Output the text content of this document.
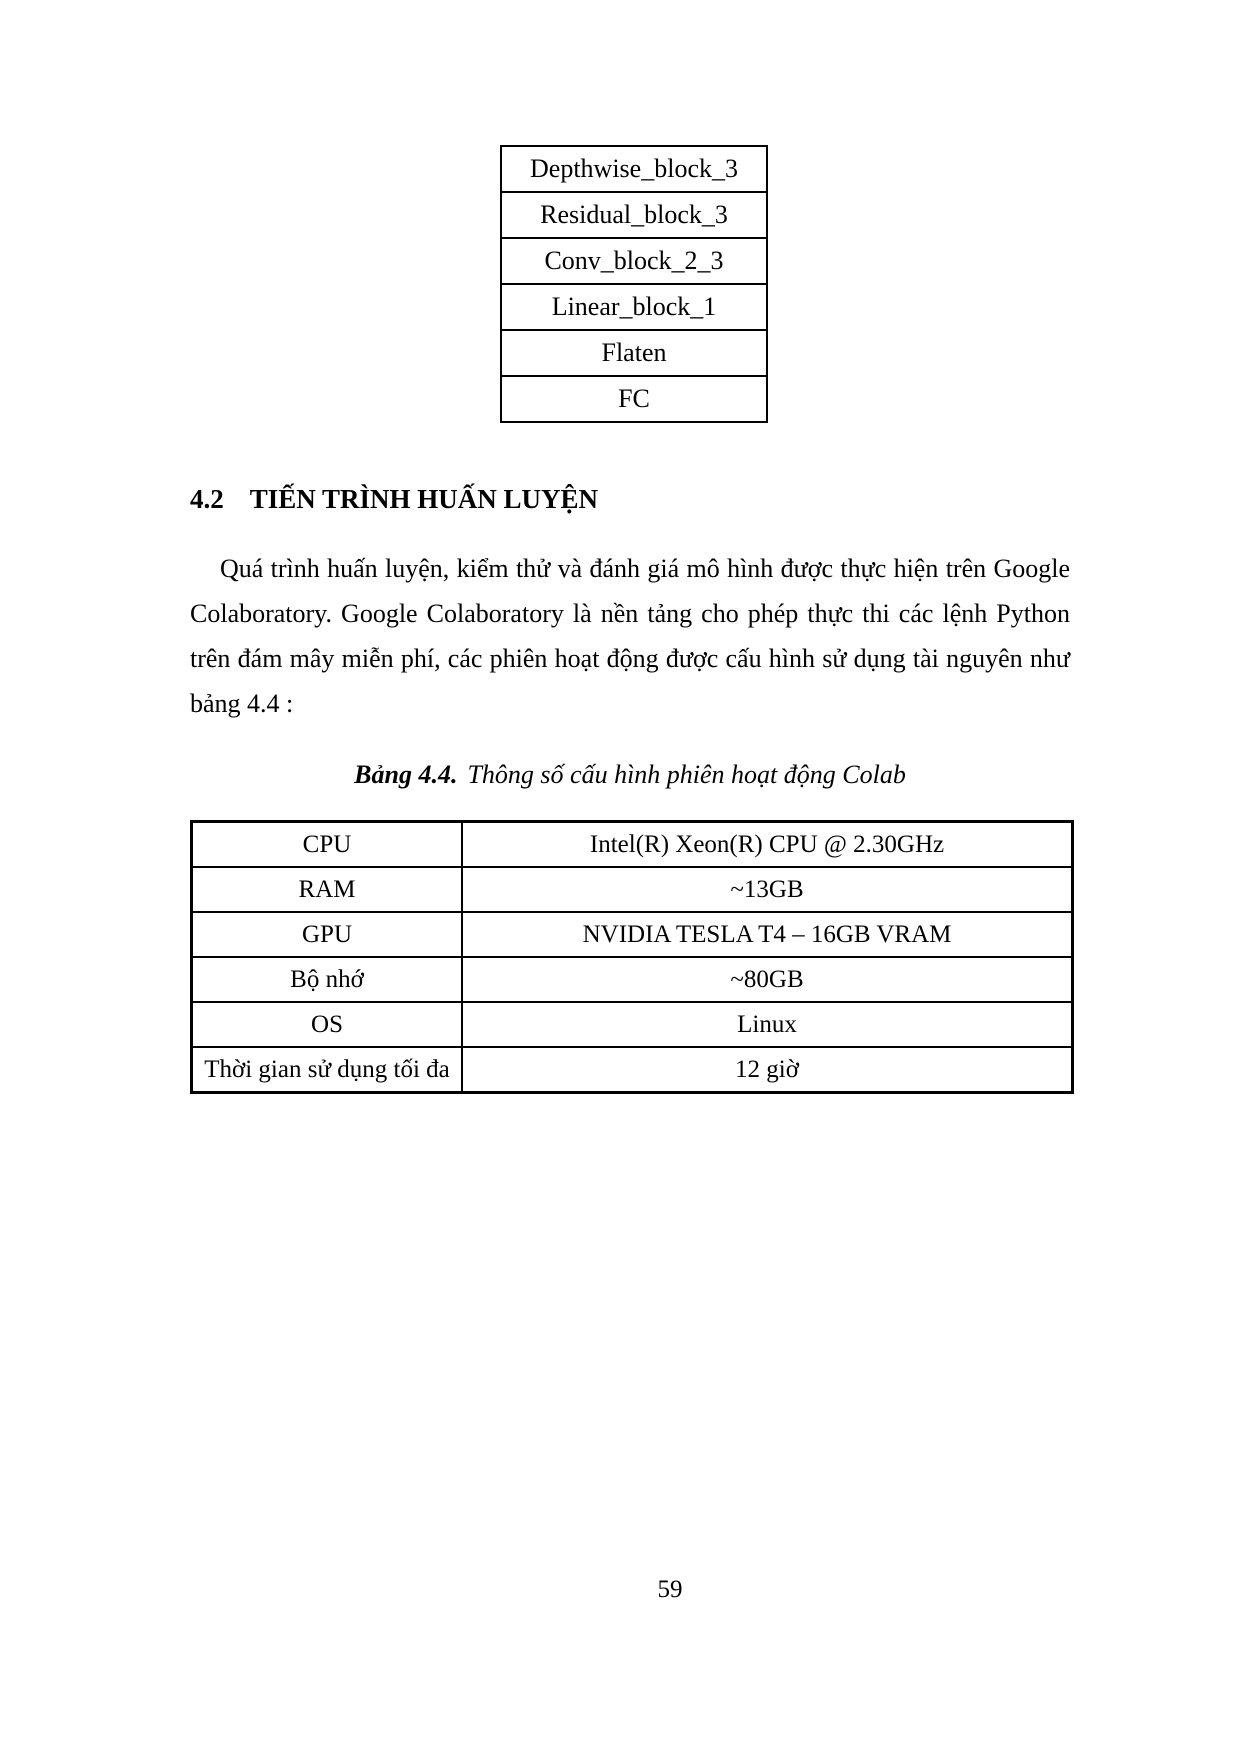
Depthwise_block_3
Residual_block_3
Conv_block_2_3
Linear_block_1
Flaten
FC
4.2 TIẾN TRÌNH HUẤN LUYỆN

Quá trình huấn luyện, kiểm thử và đánh giá mô hình được thực hiện trên Google Colaboratory. Google Colaboratory là nền tảng cho phép thực thi các lệnh Python trên đám mây miễn phí, các phiên hoạt động được cấu hình sử dụng tài nguyên như bảng 4.4 :

Bảng 4.4. Thông số cấu hình phiên hoạt động Colab
CPU	Intel(R) Xeon(R) CPU @ 2.30GHz
RAM	~13GB
GPU	NVIDIA TESLA T4 – 16GB VRAM
Bộ nhớ	~80GB
OS	Linux
Thời gian sử dụng tối đa	12 giờ
59
